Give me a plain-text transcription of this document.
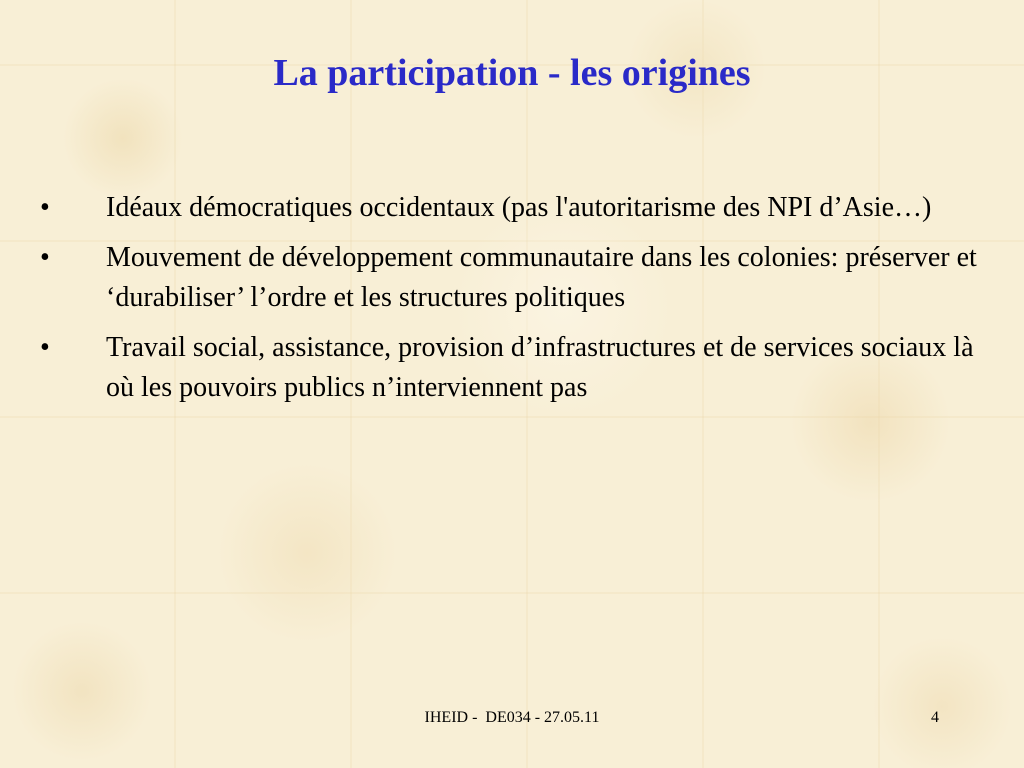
La participation - les origines
•	Idéaux démocratiques occidentaux (pas l'autoritarisme des NPI d’Asie…)
•	Mouvement de développement communautaire dans les colonies: préserver et ‘durabiliser’ l’ordre et les structures politiques
•	Travail social, assistance, provision d’infrastructures et de services sociaux là où les pouvoirs publics n’interviennent pas
IHEID -  DE034 - 27.05.11	4
